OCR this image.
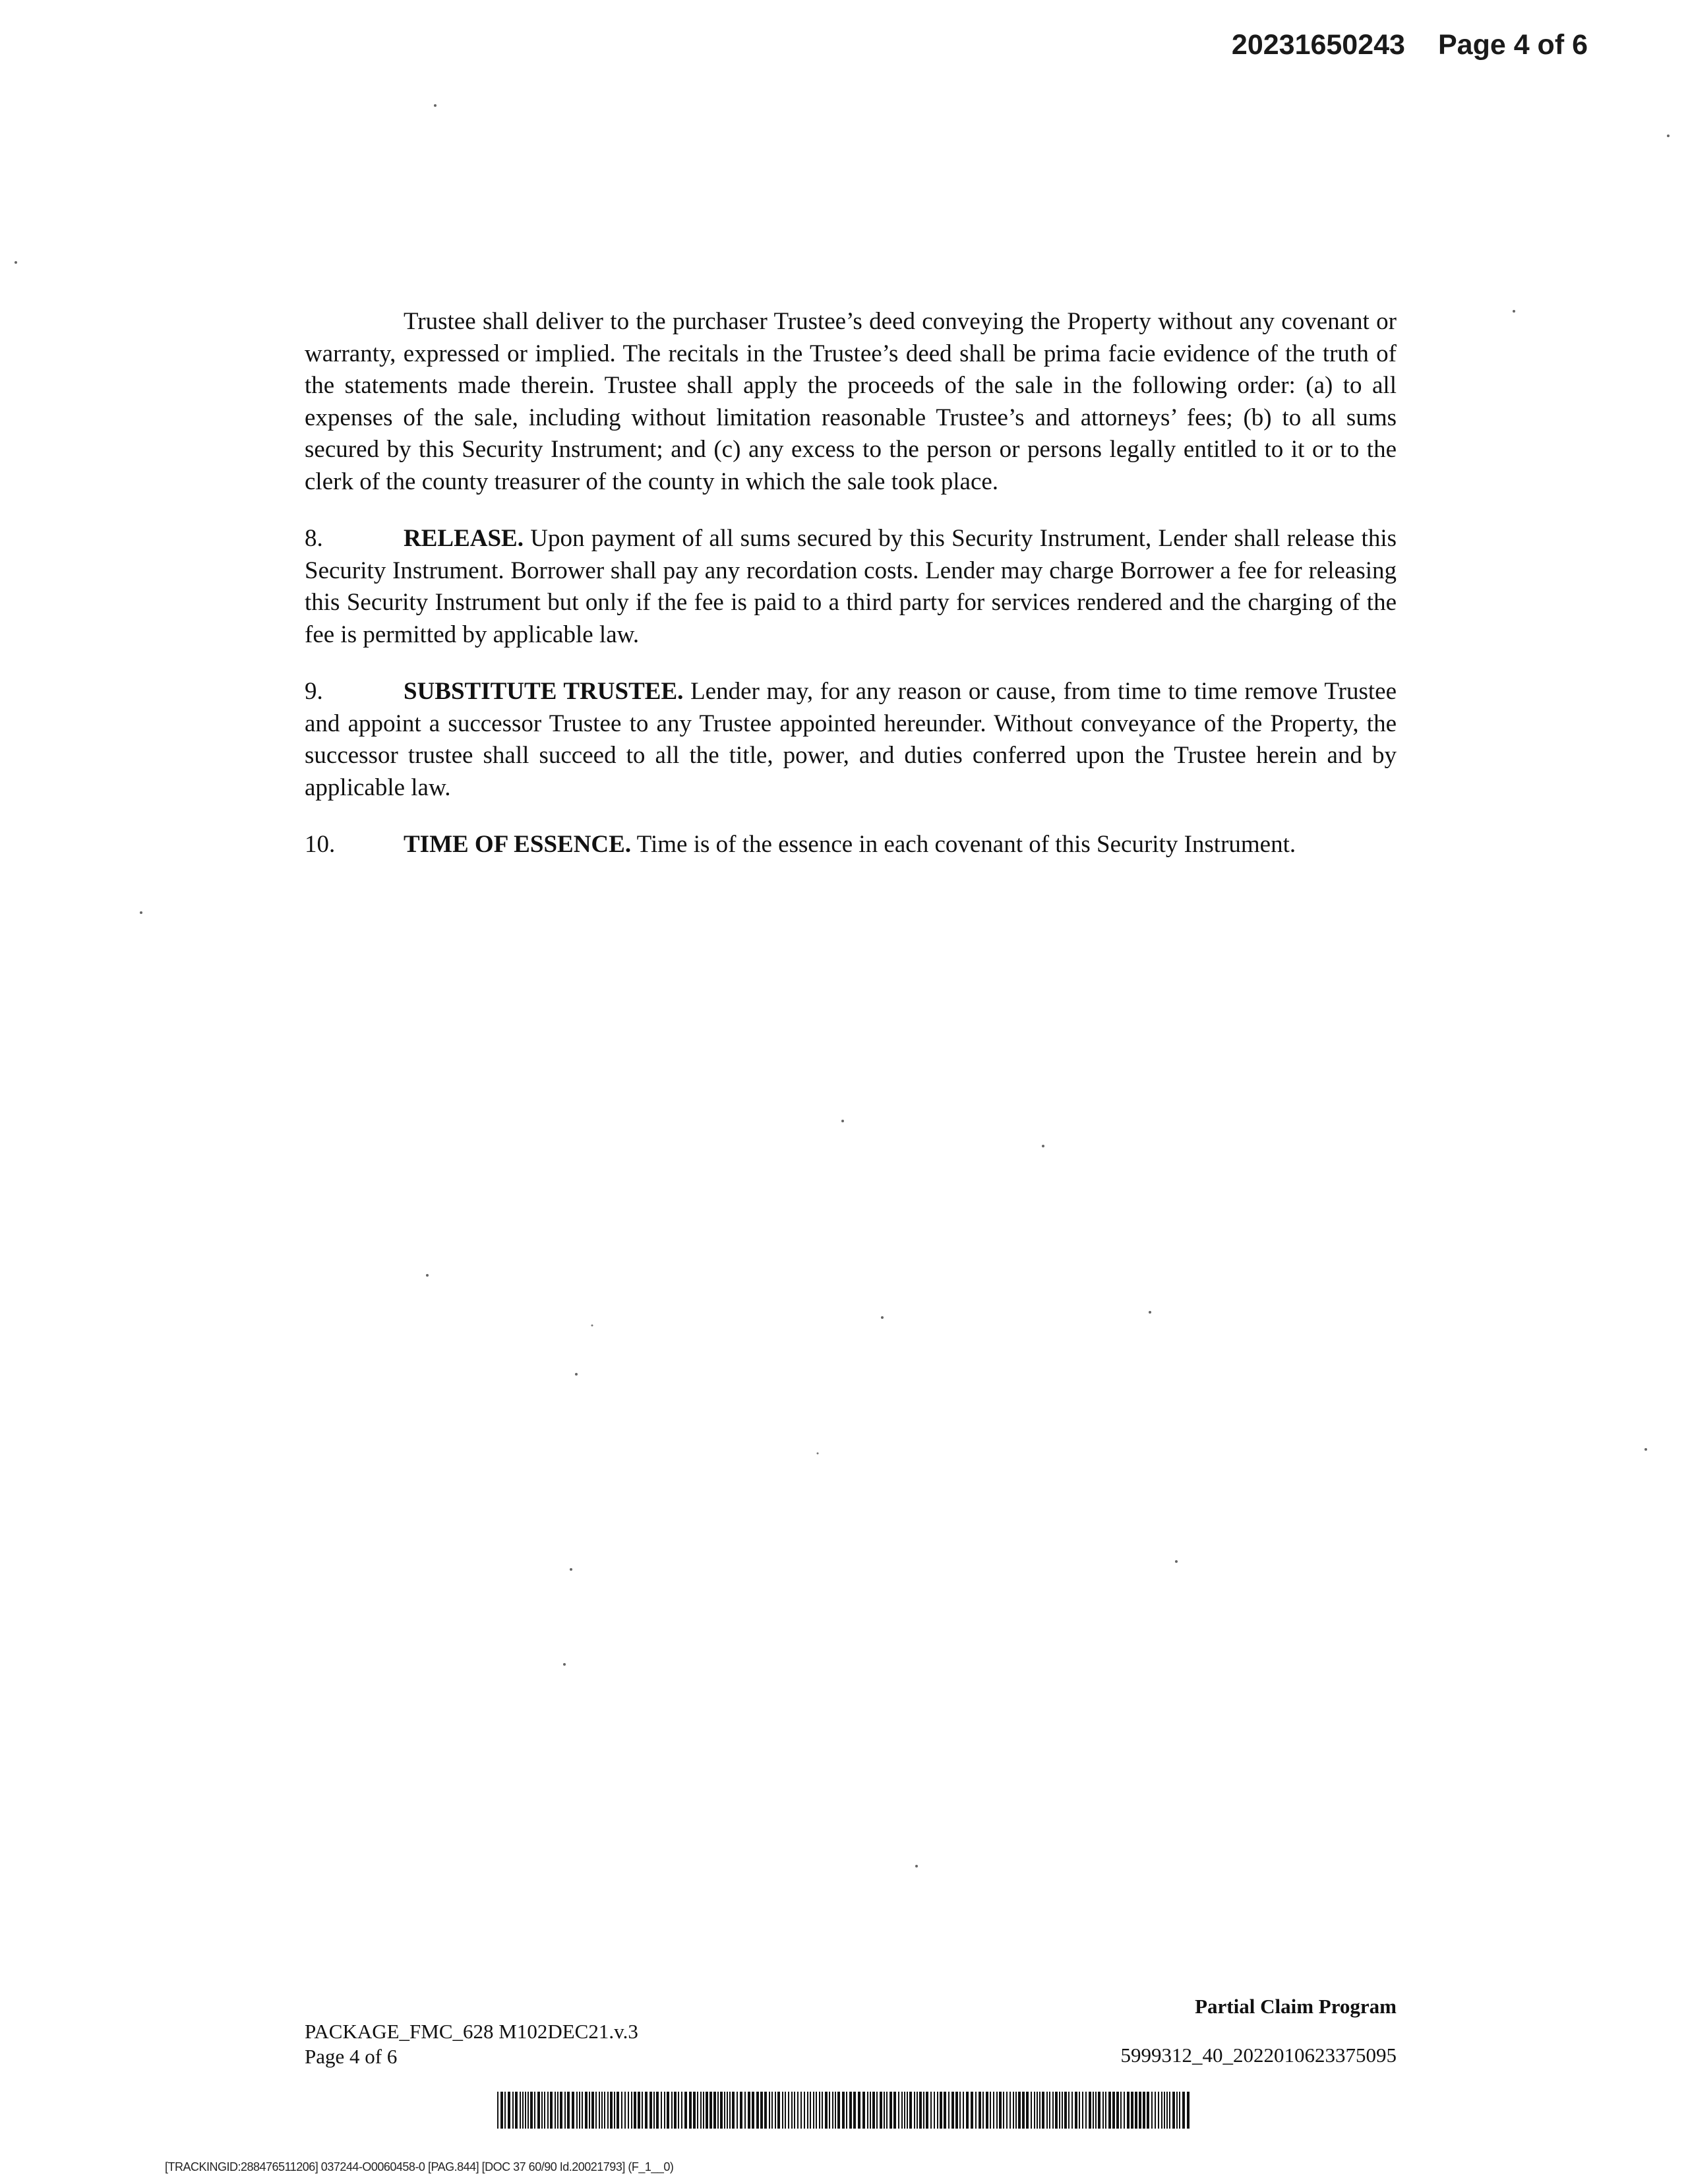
20231650243 Page 4 of 6

Trustee shall deliver to the purchaser Trustee’s deed conveying the Property without any covenant or warranty, expressed or implied. The recitals in the Trustee’s deed shall be prima facie evidence of the truth of the statements made therein. Trustee shall apply the proceeds of the sale in the following order: (a) to all expenses of the sale, including without limitation reasonable Trustee’s and attorneys’ fees; (b) to all sums secured by this Security Instrument; and (c) any excess to the person or persons legally entitled to it or to the clerk of the county treasurer of the county in which the sale took place.

8.	RELEASE. Upon payment of all sums secured by this Security Instrument, Lender shall release this Security Instrument. Borrower shall pay any recordation costs. Lender may charge Borrower a fee for releasing this Security Instrument but only if the fee is paid to a third party for services rendered and the charging of the fee is permitted by applicable law.

9.	SUBSTITUTE TRUSTEE. Lender may, for any reason or cause, from time to time remove Trustee and appoint a successor Trustee to any Trustee appointed hereunder. Without conveyance of the Property, the successor trustee shall succeed to all the title, power, and duties conferred upon the Trustee herein and by applicable law.

10.	TIME OF ESSENCE. Time is of the essence in each covenant of this Security Instrument.

PACKAGE_FMC_628 M102DEC21.v.3
Page 4 of 6
Partial Claim Program
5999312_40_2022010623375095
[TRACKINGID:288476511206] 037244-O0060458-0 [PAG.844] [DOC 37 60/90 Id.20021793] (F_1__0)
